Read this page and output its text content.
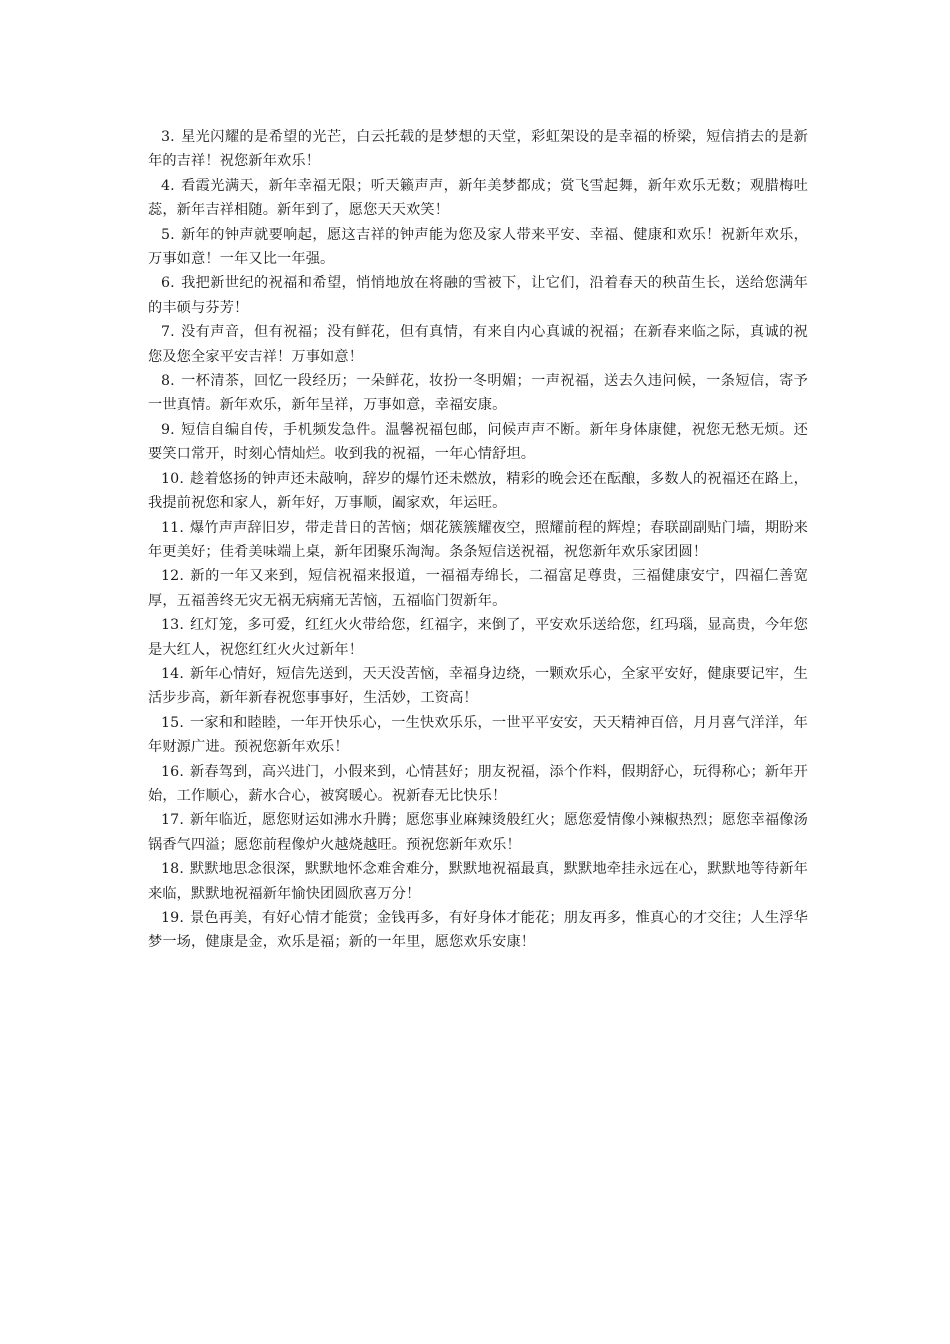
3. 星光闪耀的是希望的光芒，白云托载的是梦想的天堂，彩虹架设的是幸福的桥梁，短信捎去的是新年的吉祥！祝您新年欢乐！

4. 看霞光满天，新年幸福无限；听天籁声声，新年美梦都成；赏飞雪起舞，新年欢乐无数；观腊梅吐蕊，新年吉祥相随。新年到了，愿您天天欢笑！

5. 新年的钟声就要响起，愿这吉祥的钟声能为您及家人带来平安、幸福、健康和欢乐！祝新年欢乐，万事如意！一年又比一年强。

6. 我把新世纪的祝福和希望，悄悄地放在将融的雪被下，让它们，沿着春天的秧苗生长，送给您满年的丰硕与芬芳！

7. 没有声音，但有祝福；没有鲜花，但有真情，有来自内心真诚的祝福；在新春来临之际，真诚的祝您及您全家平安吉祥！万事如意！

8. 一杯清茶，回忆一段经历；一朵鲜花，妆扮一冬明媚；一声祝福，送去久违问候，一条短信，寄予一世真情。新年欢乐，新年呈祥，万事如意，幸福安康。

9. 短信自编自传，手机频发急件。温馨祝福包邮，问候声声不断。新年身体康健，祝您无愁无烦。还要笑口常开，时刻心情灿烂。收到我的祝福，一年心情舒坦。

10. 趁着悠扬的钟声还未敲响，辞岁的爆竹还未燃放，精彩的晚会还在酝酿，多数人的祝福还在路上，我提前祝您和家人，新年好，万事顺，阖家欢，年运旺。

11. 爆竹声声辞旧岁，带走昔日的苦恼；烟花簇簇耀夜空，照耀前程的辉煌；春联副副贴门墙，期盼来年更美好；佳肴美味端上桌，新年团聚乐淘淘。条条短信送祝福，祝您新年欢乐家团圆！

12. 新的一年又来到，短信祝福来报道，一福福寿绵长，二福富足尊贵，三福健康安宁，四福仁善宽厚，五福善终无灾无祸无病痛无苦恼，五福临门贺新年。

13. 红灯笼，多可爱，红红火火带给您，红福字，来倒了，平安欢乐送给您，红玛瑙，显高贵，今年您是大红人，祝您红红火火过新年！

14. 新年心情好，短信先送到，天天没苦恼，幸福身边绕，一颗欢乐心，全家平安好，健康要记牢，生活步步高，新年新春祝您事事好，生活妙，工资高！

15. 一家和和睦睦，一年开快乐心，一生快欢乐乐，一世平平安安，天天精神百倍，月月喜气洋洋，年年财源广进。预祝您新年欢乐！

16. 新春驾到，高兴进门，小假来到，心情甚好；朋友祝福，添个作料，假期舒心，玩得称心；新年开始，工作顺心，薪水合心，被窝暖心。祝新春无比快乐！

17. 新年临近，愿您财运如沸水升腾；愿您事业麻辣烫般红火；愿您爱情像小辣椒热烈；愿您幸福像汤锅香气四溢；愿您前程像炉火越烧越旺。预祝您新年欢乐！

18. 默默地思念很深，默默地怀念难舍难分，默默地祝福最真，默默地牵挂永远在心，默默地等待新年来临，默默地祝福新年愉快团圆欣喜万分！

19. 景色再美，有好心情才能赏；金钱再多，有好身体才能花；朋友再多，惟真心的才交往；人生浮华梦一场，健康是金，欢乐是福；新的一年里，愿您欢乐安康！
